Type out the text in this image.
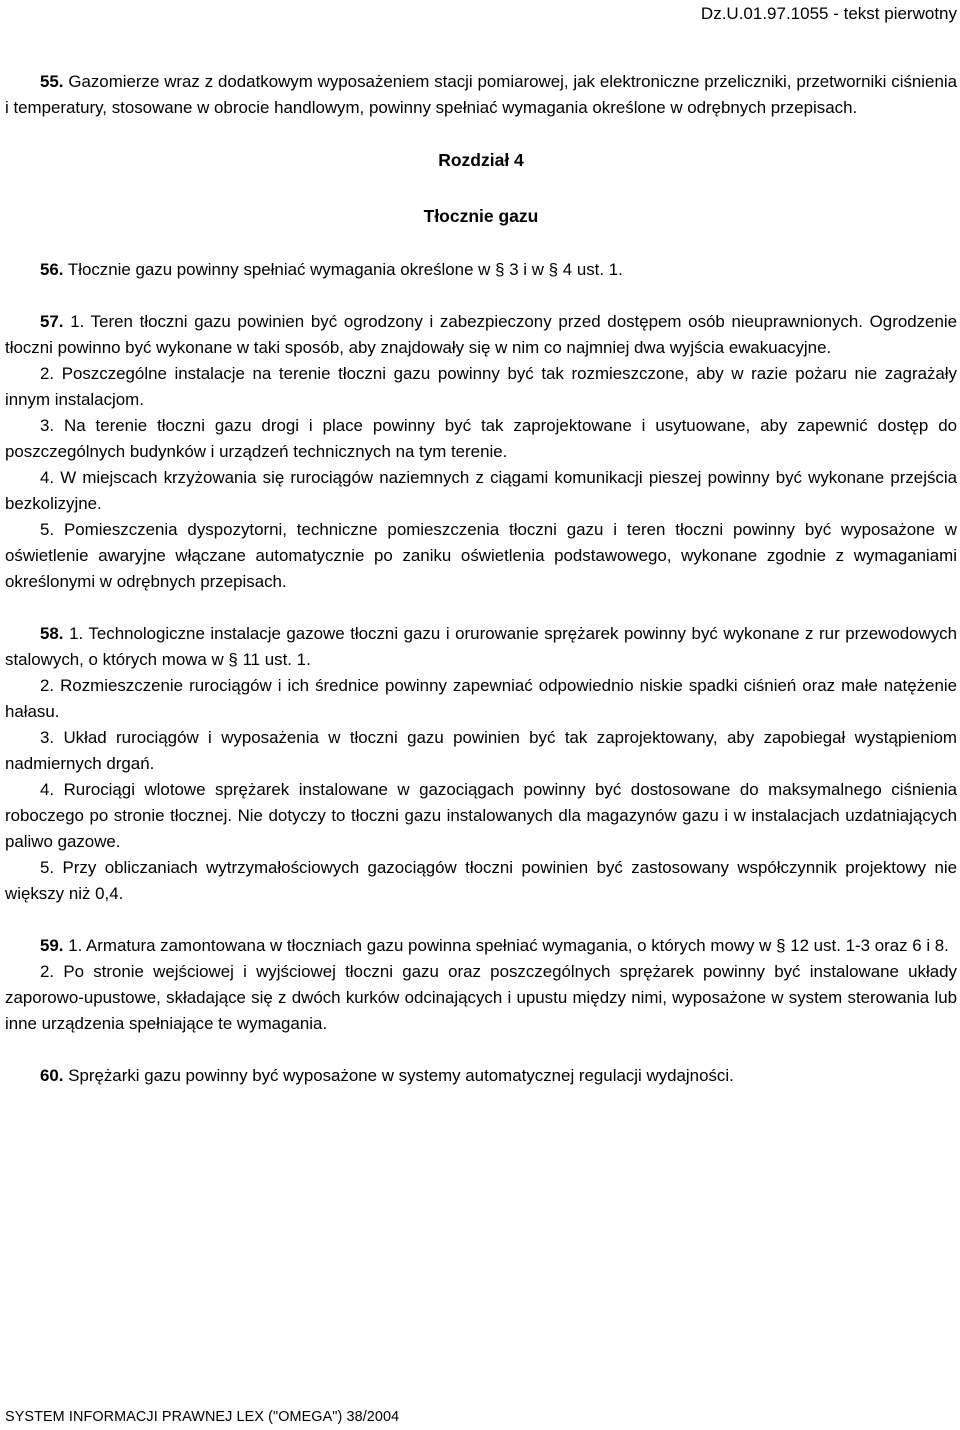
Dz.U.01.97.1055 - tekst pierwotny

55. Gazomierze wraz z dodatkowym wyposażeniem stacji pomiarowej, jak elektroniczne przeliczniki, przetworniki ciśnienia i temperatury, stosowane w obrocie handlowym, powinny spełniać wymagania określone w odrębnych przepisach.

Rozdział 4

Tłocznie gazu

56. Tłocznie gazu powinny spełniać wymagania określone w § 3 i w § 4 ust. 1.

57. 1. Teren tłoczni gazu powinien być ogrodzony i zabezpieczony przed dostępem osób nieuprawnionych. Ogrodzenie tłoczni powinno być wykonane w taki sposób, aby znajdowały się w nim co najmniej dwa wyjścia ewakuacyjne.

2. Poszczególne instalacje na terenie tłoczni gazu powinny być tak rozmieszczone, aby w razie pożaru nie zagrażały innym instalacjom.

3. Na terenie tłoczni gazu drogi i place powinny być tak zaprojektowane i usytuowane, aby zapewnić dostęp do poszczególnych budynków i urządzeń technicznych na tym terenie.

4. W miejscach krzyżowania się rurociągów naziemnych z ciągami komunikacji pieszej powinny być wykonane przejścia bezkolizyjne.

5. Pomieszczenia dyspozytorni, techniczne pomieszczenia tłoczni gazu i teren tłoczni powinny być wyposażone w oświetlenie awaryjne włączane automatycznie po zaniku oświetlenia podstawowego, wykonane zgodnie z wymaganiami określonymi w odrębnych przepisach.

58. 1. Technologiczne instalacje gazowe tłoczni gazu i orurowanie sprężarek powinny być wykonane z rur przewodowych stalowych, o których mowa w § 11 ust. 1.

2. Rozmieszczenie rurociągów i ich średnice powinny zapewniać odpowiednio niskie spadki ciśnień oraz małe natężenie hałasu.

3. Układ rurociągów i wyposażenia w tłoczni gazu powinien być tak zaprojektowany, aby zapobiegał wystąpieniom nadmiernych drgań.

4. Rurociągi wlotowe sprężarek instalowane w gazociągach powinny być dostosowane do maksymalnego ciśnienia roboczego po stronie tłocznej. Nie dotyczy to tłoczni gazu instalowanych dla magazynów gazu i w instalacjach uzdatniających paliwo gazowe.

5. Przy obliczaniach wytrzymałościowych gazociągów tłoczni powinien być zastosowany współczynnik projektowy nie większy niż 0,4.

59. 1. Armatura zamontowana w tłoczniach gazu powinna spełniać wymagania, o których mowy w § 12 ust. 1-3 oraz 6 i 8.

2. Po stronie wejściowej i wyjściowej tłoczni gazu oraz poszczególnych sprężarek powinny być instalowane układy zaporowo-upustowe, składające się z dwóch kurków odcinających i upustu między nimi, wyposażone w system sterowania lub inne urządzenia spełniające te wymagania.

60. Sprężarki gazu powinny być wyposażone w systemy automatycznej regulacji wydajności.

SYSTEM INFORMACJI PRAWNEJ LEX ("OMEGA") 38/2004
